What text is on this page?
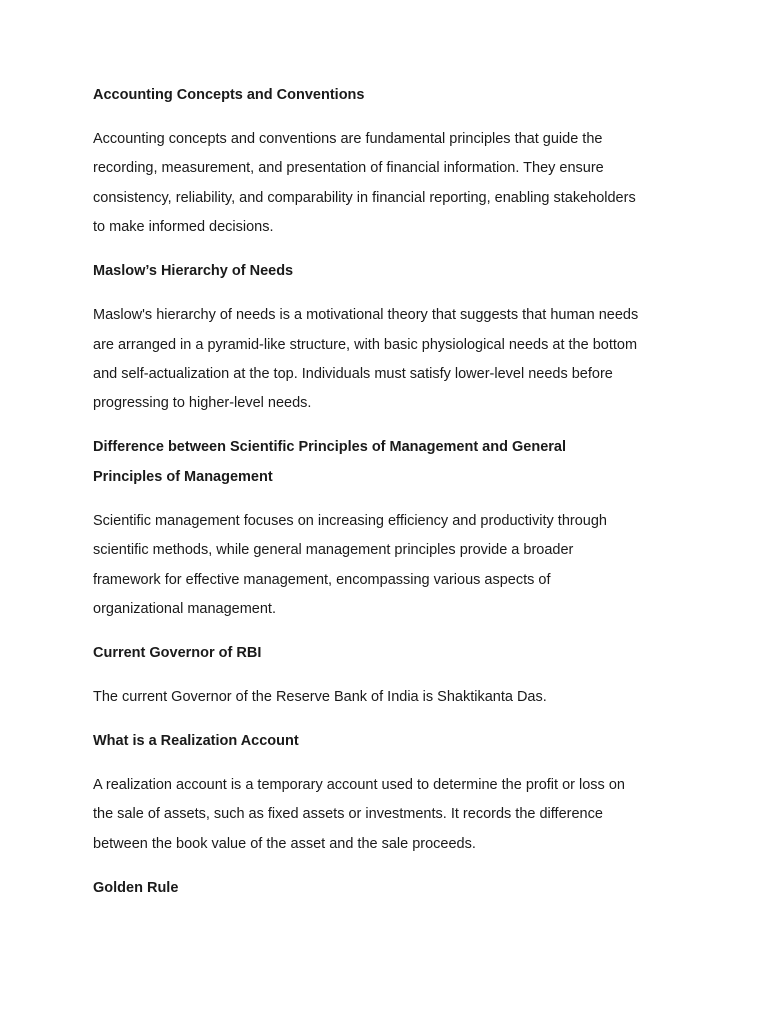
Accounting Concepts and Conventions
Accounting concepts and conventions are fundamental principles that guide the
recording, measurement, and presentation of financial information. They ensure
consistency, reliability, and comparability in financial reporting, enabling stakeholders
to make informed decisions.
Maslow’s Hierarchy of Needs
Maslow's hierarchy of needs is a motivational theory that suggests that human needs
are arranged in a pyramid-like structure, with basic physiological needs at the bottom
and self-actualization at the top. Individuals must satisfy lower-level needs before
progressing to higher-level needs.
Difference between Scientific Principles of Management and General
Principles of Management
Scientific management focuses on increasing efficiency and productivity through
scientific methods, while general management principles provide a broader
framework for effective management, encompassing various aspects of
organizational management.
Current Governor of RBI
The current Governor of the Reserve Bank of India is Shaktikanta Das.
What is a Realization Account
A realization account is a temporary account used to determine the profit or loss on
the sale of assets, such as fixed assets or investments. It records the difference
between the book value of the asset and the sale proceeds.
Golden Rule
